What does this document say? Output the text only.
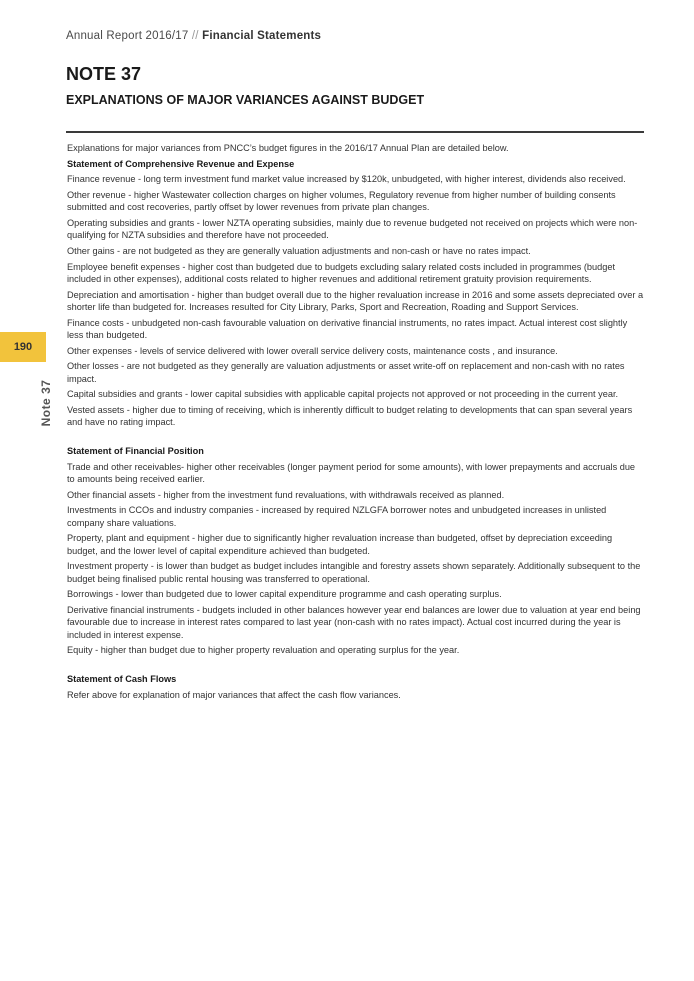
Annual Report 2016/17 // Financial Statements
NOTE 37
EXPLANATIONS OF MAJOR VARIANCES AGAINST BUDGET
190
Note 37

Explanations for major variances from PNCC’s budget figures in the 2016/17 Annual Plan are detailed below.

Statement of Comprehensive Revenue and Expense

Finance revenue - long term investment fund market value increased by $120k, unbudgeted, with higher interest, dividends also received.

Other revenue - higher Wastewater collection charges on higher volumes, Regulatory revenue from higher number of building consents submitted and cost recoveries, partly offset by lower revenues from private plan changes.

Operating subsidies and grants - lower NZTA operating subsidies, mainly due to revenue budgeted not received on projects which were non-qualifying for NZTA subsidies and therefore have not proceeded.

Other gains - are not budgeted as they are generally valuation adjustments and non-cash or have no rates impact.

Employee benefit expenses - higher cost than budgeted due to budgets excluding salary related costs included in programmes (budget included in other expenses), additional costs related to higher revenues and additional retirement gratuity provision requirements.

Depreciation and amortisation - higher than budget overall due to the higher revaluation increase in 2016 and some assets depreciated over a shorter life than budgeted for. Increases resulted for City Library, Parks, Sport and Recreation, Roading and Support Services.

Finance costs - unbudgeted non-cash favourable valuation on derivative financial instruments, no rates impact. Actual interest cost slightly less than budgeted.

Other expenses - levels of service delivered with lower overall service delivery costs, maintenance costs , and insurance.

Other losses - are not budgeted as they generally are valuation adjustments or asset write-off on replacement and non-cash with no rates impact.

Capital subsidies and grants - lower capital subsidies with applicable capital projects not approved or not proceeding in the current year.

Vested assets - higher due to timing of receiving, which is inherently difficult to budget relating to developments that can span several years and have no rating impact.

Statement of Financial Position

Trade and other receivables- higher other receivables (longer payment period for some amounts), with lower prepayments and accruals due to amounts being received earlier.

Other financial assets - higher from the investment fund revaluations, with withdrawals received as planned.

Investments in CCOs and industry companies - increased by required NZLGFA borrower notes and unbudgeted increases in unlisted company share valuations.

Property, plant and equipment - higher due to significantly higher revaluation increase than budgeted, offset by depreciation exceeding budget, and the lower level of capital expenditure achieved than budgeted.

Investment property - is lower than budget as budget includes intangible and forestry assets shown separately. Additionally subsequent to the budget being finalised public rental housing was transferred to operational.

Borrowings - lower than budgeted due to lower capital expenditure programme and cash operating surplus.

Derivative financial instruments - budgets included in other balances however year end balances are lower due to valuation at year end being favourable due to increase in interest rates compared to last year (non-cash with no rates impact). Actual cost incurred during the year is included in interest expense.

Equity - higher than budget due to higher property revaluation and operating surplus for the year.

Statement of Cash Flows

Refer above for explanation of major variances that affect the cash flow variances.
